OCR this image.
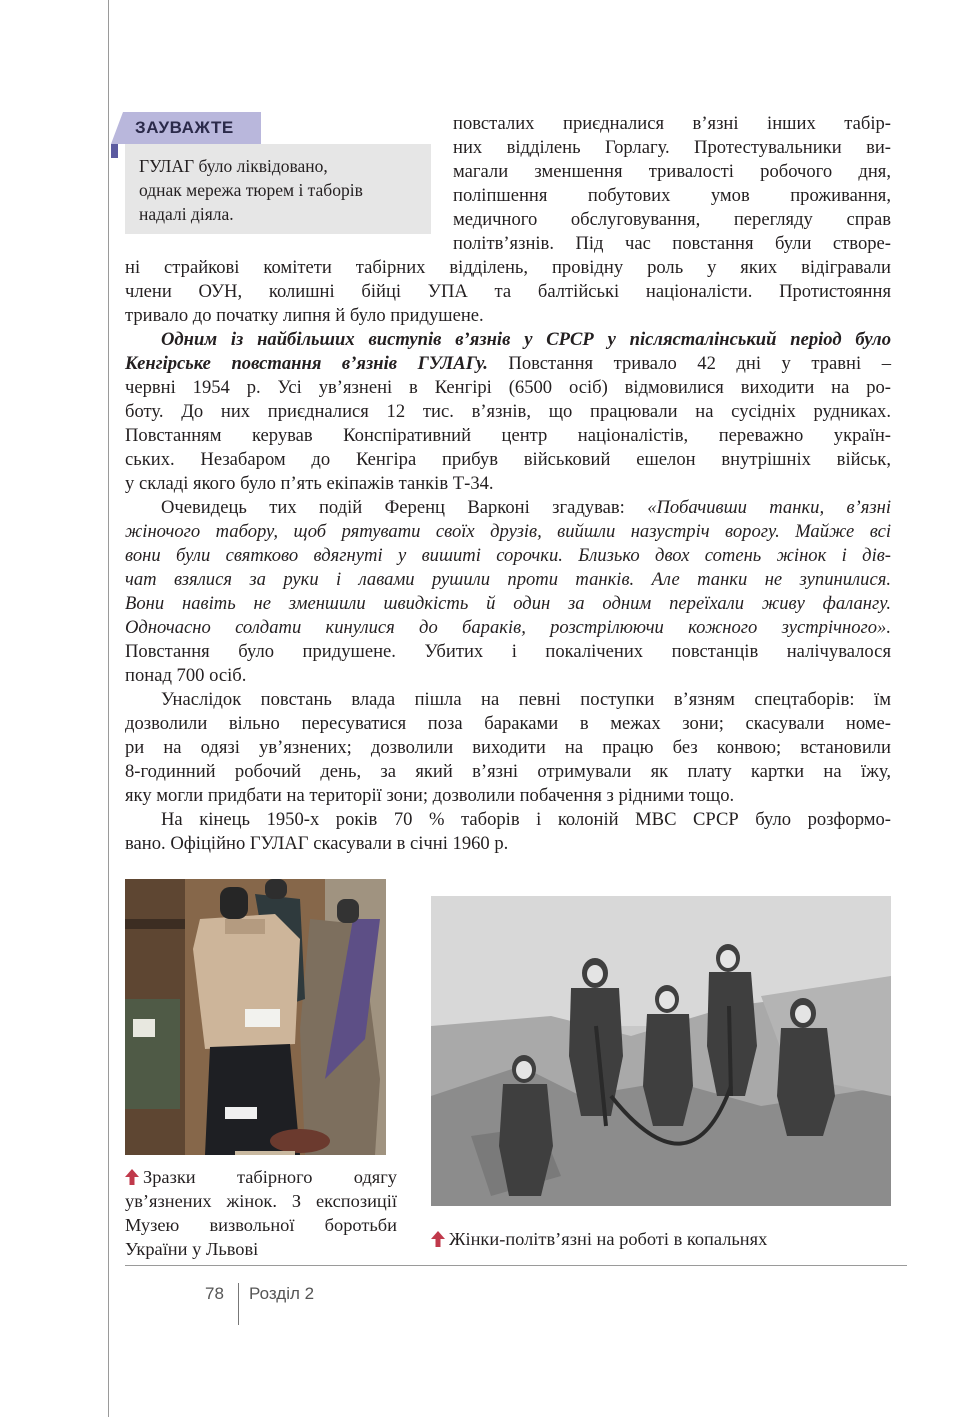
ЗАУВАЖТЕ
ГУЛАГ було ліквідовано,
однак мережа тюрем і таборів
надалі діяла.
повсталих приєдналися в’язні інших табір-
них відділень Горлагу. Протестувальники ви-
магали зменшення тривалості робочого дня,
поліпшення побутових умов проживання,
медичного обслуговування, перегляду справ
політв’язнів. Під час повстання були створе-
ні страйкові комітети табірних відділень, провідну роль у яких відігравали
члени ОУН, колишні бійці УПА та балтійські націоналісти. Протистояння
тривало до початку липня й було придушене.
Одним із найбільших виступів в’язнів у СРСР у післясталінський період було
Кенгірське повстання в’язнів ГУЛАГу. Повстання тривало 42 дні у травні –
червні 1954 р. Усі ув’язнені в Кенгірі (6500 осіб) відмовилися виходити на ро-
боту. До них приєдналися 12 тис. в’язнів, що працювали на сусідніх рудниках.
Повстанням керував Конспіративний центр націоналістів, переважно україн-
ських. Незабаром до Кенгіра прибув військовий ешелон внутрішніх військ,
у складі якого було п’ять екіпажів танків Т-34.
Очевидець тих подій Ференц Варконі згадував: «Побачивши танки, в’язні
жіночого табору, щоб рятувати своїх друзів, вийшли назустріч ворогу. Майже всі
вони були святково вдягнуті у вишиті сорочки. Близько двох сотень жінок і дів-
чат взялися за руки і лавами рушили проти танків. Але танки не зупинилися.
Вони навіть не зменшили швидкість й один за одним переїхали живу фалангу.
Одночасно солдати кинулися до бараків, розстрілюючи кожного зустрічного».
Повстання було придушене. Убитих і покалічених повстанців налічувалося
понад 700 осіб.
Унаслідок повстань влада пішла на певні поступки в’язням спецтаборів: їм
дозволили вільно пересуватися поза бараками в межах зони; скасували номе-
ри на одязі ув’язнених; дозволили виходити на працю без конвою; встановили
8-годинний робочий день, за який в’язні отримували як плату картки на їжу,
яку могли придбати на території зони; дозволили побачення з рідними тощо.
На кінець 1950-х років 70 % таборів і колоній МВС СРСР було розформо-
вано. Офіційно ГУЛАГ скасували в січні 1960 р.
Зразки табірного одягу
ув’язнених жінок. З експозиції
Музею визвольної боротьби
України у Львові	Жінки-політв’язні на роботі в копальнях
78 Розділ 2
